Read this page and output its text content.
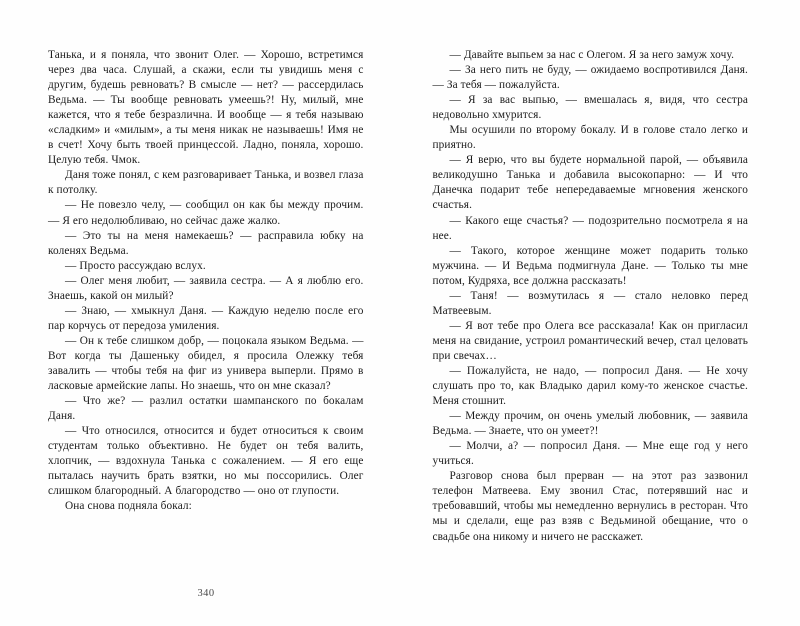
Танька, и я поняла, что звонит Олег. — Хорошо, встретимся через два часа. Слушай, а скажи, если ты увидишь меня с другим, будешь ревновать? В смысле — нет? — рассердилась Ведьма. — Ты вообще ревновать умеешь?! Ну, милый, мне кажется, что я тебе безразлична. И вообще — я тебя называю «сладким» и «милым», а ты меня никак не называешь! Имя не в счет! Хочу быть твоей принцессой. Ладно, поняла, хорошо. Целую тебя. Чмок.

Даня тоже понял, с кем разговаривает Танька, и возвел глаза к потолку.

— Не повезло челу, — сообщил он как бы между прочим. — Я его недолюбливаю, но сейчас даже жалко.

— Это ты на меня намекаешь? — расправила юбку на коленях Ведьма.

— Просто рассуждаю вслух.

— Олег меня любит, — заявила сестра. — А я люблю его. Знаешь, какой он милый?

— Знаю, — хмыкнул Даня. — Каждую неделю после его пар корчусь от передоза умиления.

— Он к тебе слишком добр, — поцокала языком Ведьма. — Вот когда ты Дашеньку обидел, я просила Олежку тебя завалить — чтобы тебя на фиг из универа выперли. Прямо в ласковые армейские лапы. Но знаешь, что он мне сказал?

— Что же? — разлил остатки шампанского по бокалам Даня.

— Что относился, относится и будет относиться к своим студентам только объективно. Не будет он тебя валить, хлопчик, — вздохнула Танька с сожалением. — Я его еще пыталась научить брать взятки, но мы поссорились. Олег слишком благородный. А благородство — оно от глупости.

Она снова подняла бокал:

— Давайте выпьем за нас с Олегом. Я за него замуж хочу.

— За него пить не буду, — ожидаемо воспротивился Даня. — За тебя — пожалуйста.

— Я за вас выпью, — вмешалась я, видя, что сестра недовольно хмурится.

Мы осушили по второму бокалу. И в голове стало легко и приятно.

— Я верю, что вы будете нормальной парой, — объявила великодушно Танька и добавила высокопарно: — И что Данечка подарит тебе непередаваемые мгновения женского счастья.

— Какого еще счастья? — подозрительно посмотрела я на нее.

— Такого, которое женщине может подарить только мужчина. — И Ведьма подмигнула Дане. — Только ты мне потом, Кудряха, все должна рассказать!

— Таня! — возмутилась я — стало неловко перед Матвеевым.

— Я вот тебе про Олега все рассказала! Как он пригласил меня на свидание, устроил романтический вечер, стал целовать при свечах…

— Пожалуйста, не надо, — попросил Даня. — Не хочу слушать про то, как Владыко дарил кому-то женское счастье. Меня стошнит.

— Между прочим, он очень умелый любовник, — заявила Ведьма. — Знаете, что он умеет?!

— Молчи, а? — попросил Даня. — Мне еще год у него учиться.

Разговор снова был прерван — на этот раз зазвонил телефон Матвеева. Ему звонил Стас, потерявший нас и требовавший, чтобы мы немедленно вернулись в ресторан. Что мы и сделали, еще раз взяв с Ведьминой обещание, что о свадьбе она никому и ничего не расскажет.

340
